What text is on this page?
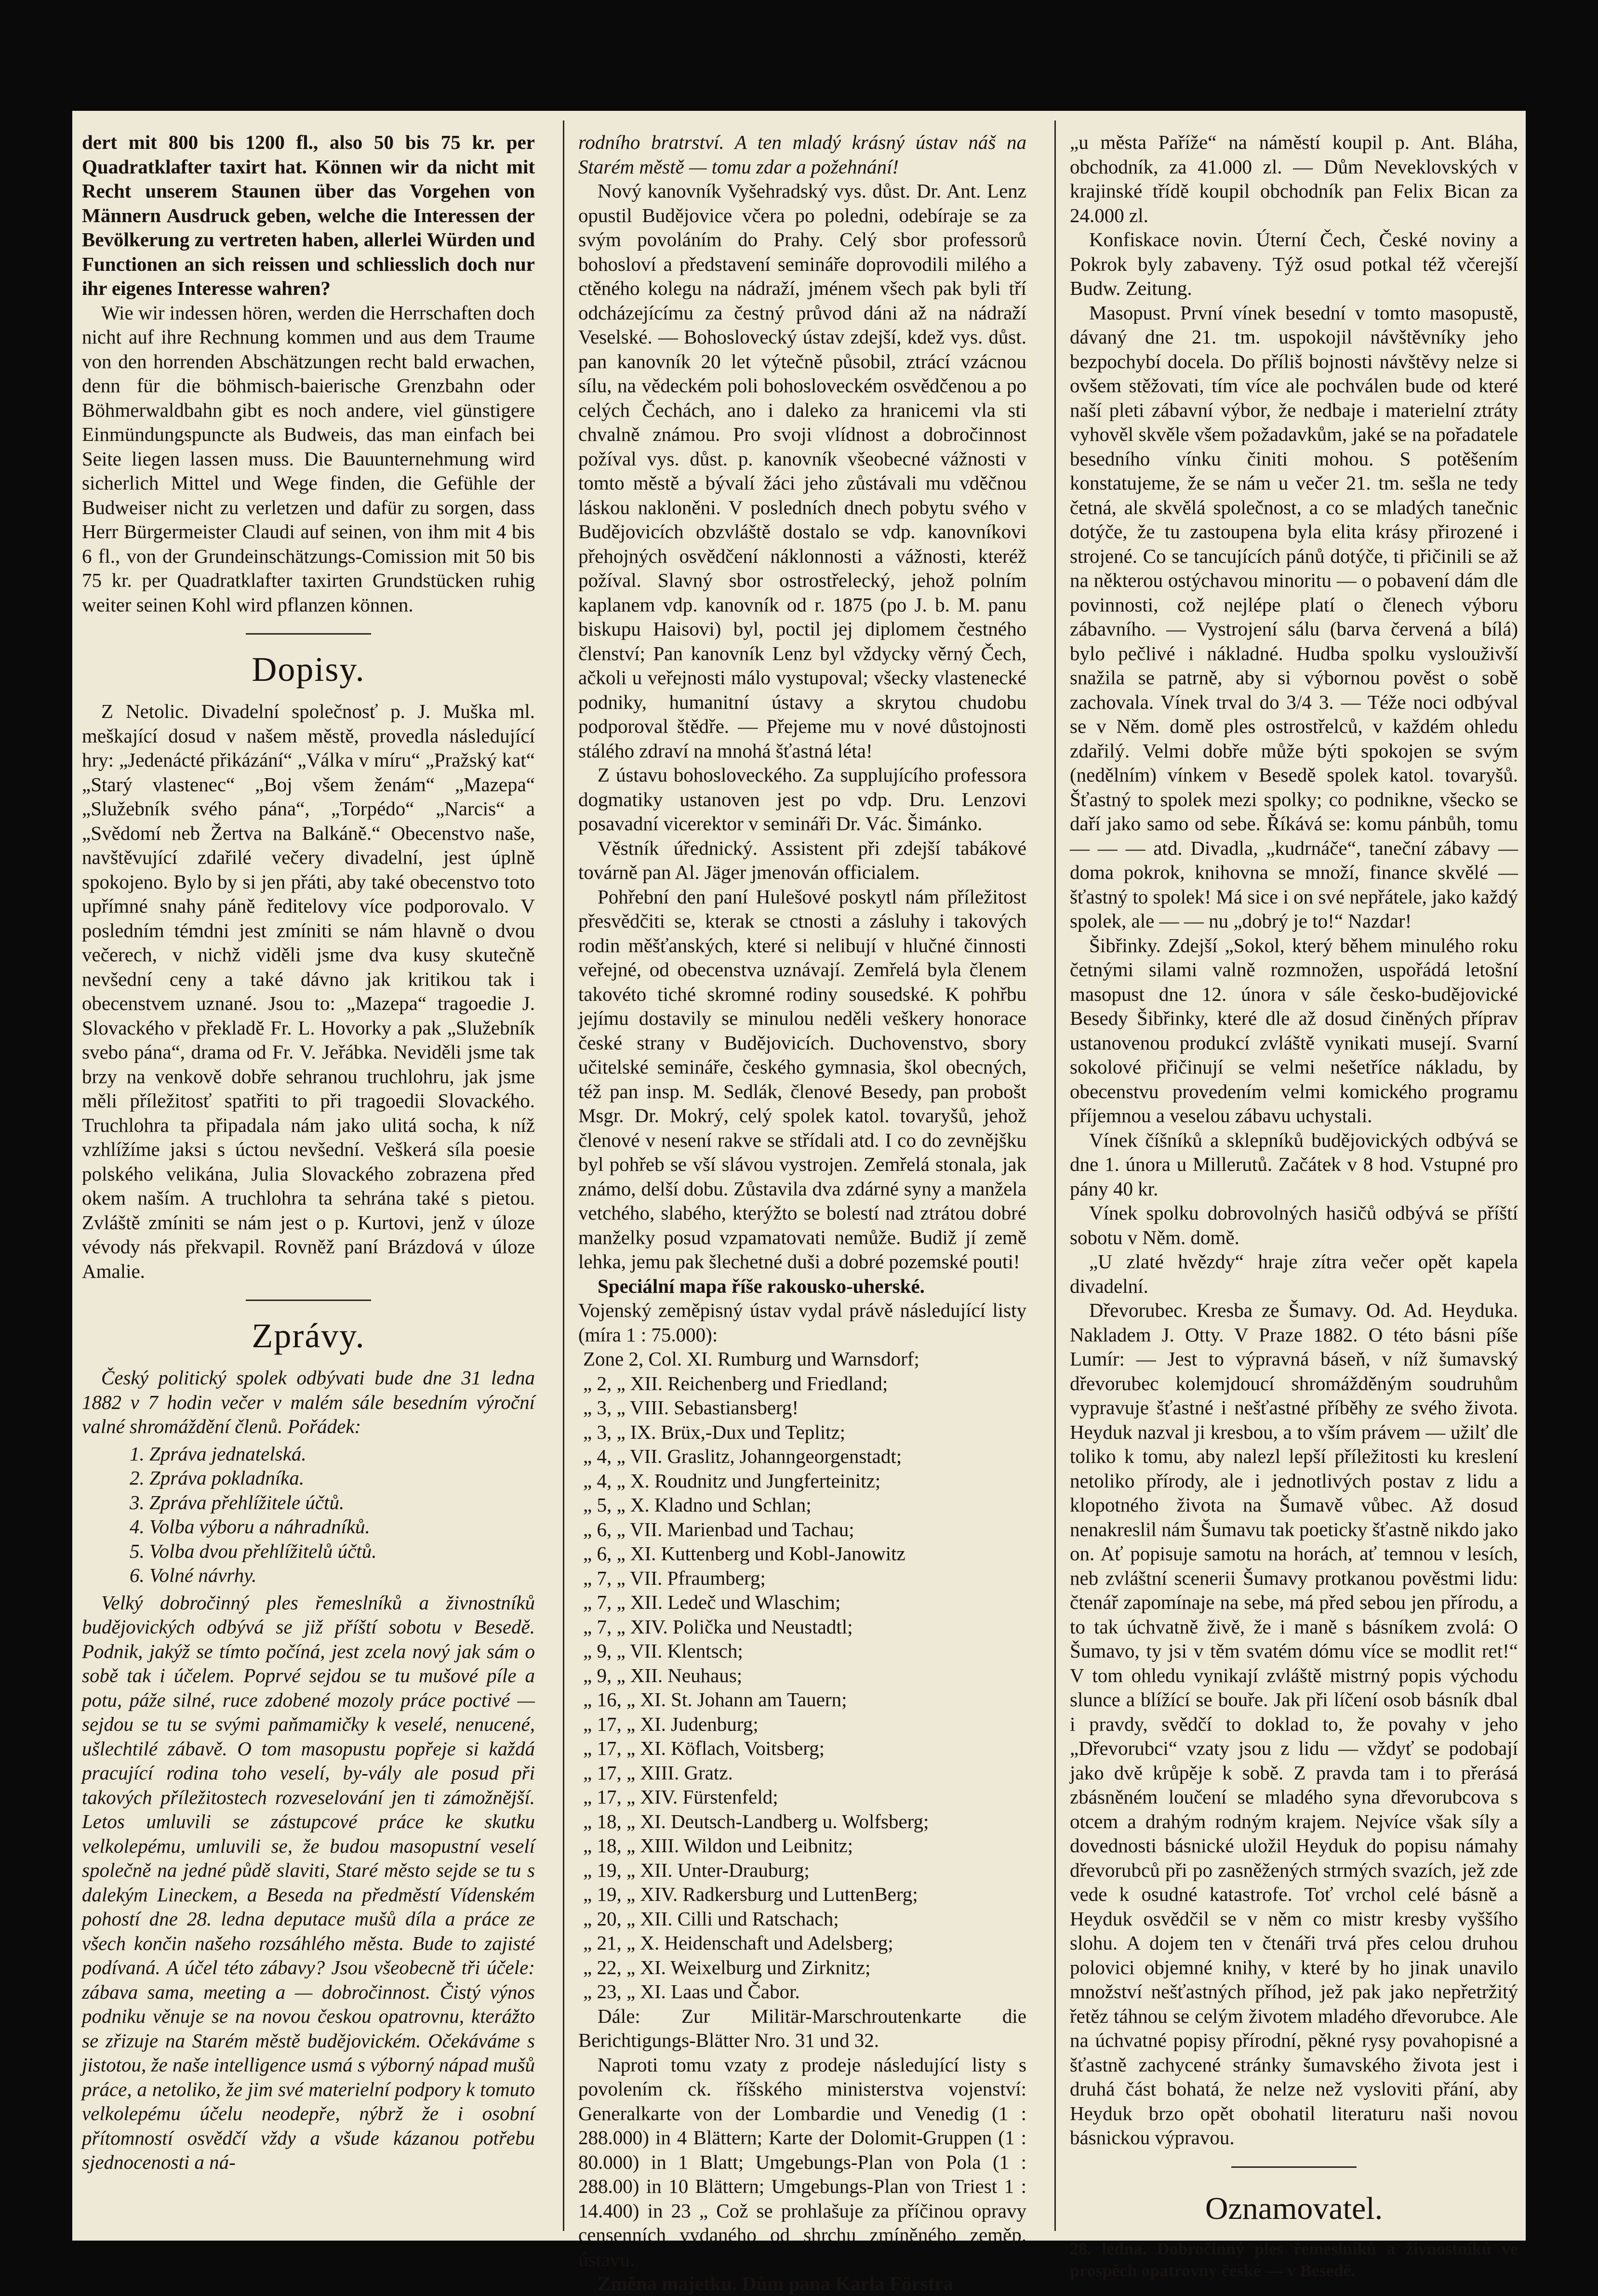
dert mit 800 bis 1200 fl., also 50 bis 75 kr. per Quadratklafter taxirt hat. Können wir da nicht mit Recht unserem Staunen über das Vorgehen von Männern Ausdruck geben, welche die Interessen der Bevölkerung zu vertreten haben, allerlei Würden und Functionen an sich reissen und schliesslich doch nur ihr eigenes Interesse wahren?

Wie wir indessen hören, werden die Herrschaften doch nicht auf ihre Rechnung kommen und aus dem Traume von den horrenden Abschätzungen recht bald erwachen, denn für die böhmisch-baierische Grenzbahn oder Böhmerwaldbahn gibt es noch andere, viel günstigere Einmündungspuncte als Budweis, das man einfach bei Seite liegen lassen muss. Die Bauunternehmung wird sicherlich Mittel und Wege finden, die Gefühle der Budweiser nicht zu verletzen und dafür zu sorgen, dass Herr Bürgermeister Claudi auf seinen, von ihm mit 4 bis 6 fl., von der Grundeinschätzungs-Comission mit 50 bis 75 kr. per Quadratklafter taxirten Grundstücken ruhig weiter seinen Kohl wird pflanzen können.

Dopisy.

Z Netolic. Divadelní společnosť p. J. Muška ml. meškající dosud v našem městě, provedla následující hry: „Jedenácté přikázání“ „Válka v míru“ „Pražský kat“ „Starý vlastenec“ „Boj všem ženám“ „Mazepa“ „Služebník svého pána“, „Torpédo“ „Narcis“ a „Svědomí neb Žertva na Balkáně.“ Obecenstvo naše, navštěvující zdařilé večery divadelní, jest úplně spokojeno. Bylo by si jen přáti, aby také obecenstvo toto upřímné snahy páně ředitelovy více podporovalo. V posledním témdni jest zmíniti se nám hlavně o dvou večerech, v nichž viděli jsme dva kusy skutečně nevšední ceny a také dávno jak kritikou tak i obecenstvem uznané. Jsou to: „Mazepa“ tragoedie J. Slovackého v překladě Fr. L. Hovorky a pak „Služebník svebo pána“, drama od Fr. V. Jeřábka. Neviděli jsme tak brzy na venkově dobře sehranou truchlohru, jak jsme měli příležitosť spatřiti to při tragoedii Slovackého. Truchlohra ta připadala nám jako ulitá socha, k níž vzhlížíme jaksi s úctou nevšední. Veškerá síla poesie polského velikána, Julia Slovackého zobrazena před okem naším. A truchlohra ta sehrána také s pietou. Zvláště zmíniti se nám jest o p. Kurtovi, jenž v úloze vévody nás překvapil. Rovněž paní Brázdová v úloze Amalie.

Zprávy.

Český politický spolek odbývati bude dne 31 ledna 1882 v 7 hodin večer v malém sále besedním výroční valné shromáždění členů. Pořádek:

1. Zpráva jednatelská.
2. Zpráva pokladníka.
3. Zpráva přehlížitele účtů.
4. Volba výboru a náhradníků.
5. Volba dvou přehlížitelů účtů.
6. Volné návrhy.

Velký dobročinný ples řemeslníků a živnostníků budějovických odbývá se již příští sobotu v Besedě. Podnik, jakýž se tímto počíná, jest zcela nový jak sám o sobě tak i účelem. Poprvé sejdou se tu mušové píle a potu, páže silné, ruce zdobené mozoly práce poctivé — sejdou se tu se svými paňmamičky k veselé, nenucené, ušlechtilé zábavě. O tom masopustu popřeje si každá pracující rodina toho veselí, by-vály ale posud při takových příležitostech rozveselování jen ti zámožnější. Letos umluvili se zástupcové práce ke skutku velkolepému, umluvili se, že budou masopustní veselí společně na jedné půdě slaviti, Staré město sejde se tu s dalekým Lineckem, a Beseda na předměstí Vídenském pohostí dne 28. ledna deputace mušů díla a práce ze všech končin našeho rozsáhlého města. Bude to zajisté podívaná. A účel této zábavy? Jsou všeobecně tři účele: zábava sama, meeting a — dobročinnost. Čistý výnos podniku věnuje se na novou českou opatrovnu, kterážto se zřizuje na Starém městě budějovickém. Očekáváme s jistotou, že naše intelligence usmá s výborný nápad mušů práce, a netoliko, že jim své materielní podpory k tomuto velkolepému účelu neodepře, nýbrž že i osobní přítomností osvědčí vždy a všude kázanou potřebu sjednocenosti a ná-

rodního bratrství. A ten mladý krásný ústav náš na Starém městě — tomu zdar a požehnání!

Nový kanovník Vyšehradský vys. důst. Dr. Ant. Lenz opustil Budějovice včera po poledni, odebíraje se za svým povoláním do Prahy. Celý sbor professorů bohosloví a představení semináře doprovodili milého a ctěného kolegu na nádraží, jménem všech pak byli tří odcházejícímu za čestný průvod dáni až na nádraží Veselské. — Bohoslovecký ústav zdejší, kdež vys. důst. pan kanovník 20 let výtečně působil, ztrácí vzácnou sílu, na vědeckém poli bohosloveckém osvědčenou a po celých Čechách, ano i daleko za hranicemi vla sti chvalně známou. Pro svoji vlídnost a dobročinnost požíval vys. důst. p. kanovník všeobecné vážnosti v tomto městě a bývalí žáci jeho zůstávali mu vděčnou láskou nakloněni. V posledních dnech pobytu svého v Budějovicích obzvláště dostalo se vdp. kanovníkovi přehojných osvědčení náklonnosti a vážnosti, kteréž požíval. Slavný sbor ostrostřelecký, jehož polním kaplanem vdp. kanovník od r. 1875 (po J. b. M. panu biskupu Haisovi) byl, poctil jej diplomem čestného členství; Pan kanovník Lenz byl vždycky věrný Čech, ačkoli u veřejnosti málo vystupoval; všecky vlastenecké podniky, humanitní ústavy a skrytou chudobu podporoval štědře. — Přejeme mu v nové důstojnosti stálého zdraví na mnohá šťastná léta!

Z ústavu bohosloveckého. Za supplujícího professora dogmatiky ustanoven jest po vdp. Dru. Lenzovi posavadní vicerektor v semináři Dr. Vác. Šimánko.

Věstník úřednický. Assistent při zdejší tabákové továrně pan Al. Jäger jmenován officialem.

Pohřební den paní Hulešové poskytl nám příležitost přesvědčiti se, kterak se ctnosti a zásluhy i takových rodin měšťanských, které si nelibují v hlučné činnosti veřejné, od obecenstva uznávají. Zemřelá byla členem takovéto tiché skromné rodiny sousedské. K pohřbu jejímu dostavily se minulou neděli veškery honorace české strany v Budějovicích. Duchovenstvo, sbory učitelské semináře, českého gymnasia, škol obecných, též pan insp. M. Sedlák, členové Besedy, pan probošt Msgr. Dr. Mokrý, celý spolek katol. tovaryšů, jehož členové v nesení rakve se střídali atd. I co do zevnějšku byl pohřeb se vší slávou vystrojen. Zemřelá stonala, jak známo, delší dobu. Zůstavila dva zdárné syny a manžela vetchého, slabého, kterýžto se bolestí nad ztrátou dobré manželky posud vzpamatovati nemůže. Budiž jí země lehka, jemu pak šlechetné duši a dobré pozemské pouti!

Speciální mapa říše rakousko-uherské.

Vojenský zeměpisný ústav vydal právě následující listy (míra 1 : 75.000):

Zone 2, Col. XI. Rumburg und Warnsdorf;

„ 2, „ XII. Reichenberg und Friedland;

„ 3, „ VIII. Sebastiansberg!

„ 3, „ IX. Brüx,-Dux und Teplitz;

„ 4, „ VII. Graslitz, Johanngeorgenstadt;

„ 4, „ X. Roudnitz und Jungferteinitz;

„ 5, „ X. Kladno und Schlan;

„ 6, „ VII. Marienbad und Tachau;

„ 6, „ XI. Kuttenberg und Kobl-Janowitz

„ 7, „ VII. Pfraumberg;

„ 7, „ XII. Ledeč und Wlaschim;

„ 7, „ XIV. Polička und Neustadtl;

„ 9, „ VII. Klentsch;

„ 9, „ XII. Neuhaus;

„ 16, „ XI. St. Johann am Tauern;

„ 17, „ XI. Judenburg;

„ 17, „ XI. Köflach, Voitsberg;

„ 17, „ XIII. Gratz.

„ 17, „ XIV. Fürstenfeld;

„ 18, „ XI. Deutsch-Landberg u. Wolfsberg;

„ 18, „ XIII. Wildon und Leibnitz;

„ 19, „ XII. Unter-Drauburg;

„ 19, „ XIV. Radkersburg und LuttenBerg;

„ 20, „ XII. Cilli und Ratschach;

„ 21, „ X. Heidenschaft und Adelsberg;

„ 22, „ XI. Weixelburg und Zirknitz;

„ 23, „ XI. Laas und Čabor.

Dále: Zur Militär-Marschroutenkarte die Berichtigungs-Blätter Nro. 31 und 32.

Naproti tomu vzaty z prodeje následující listy s povolením ck. říšského ministerstva vojenství: Generalkarte von der Lombardie und Venedig (1 : 288.000) in 4 Blättern; Karte der Dolomit-Gruppen (1 : 80.000) in 1 Blatt; Umgebungs-Plan von Pola (1 : 288.00) in 10 Blättern; Umgebungs-Plan von Triest 1 : 14.400) in 23 „ Což se prohlašuje za příčinou opravy censenních vydaného od shrchu zmíněného zeměp. ústavu.

Změna majetku. Dům pana Karla Förstra

„u města Paříže“ na náměstí koupil p. Ant. Bláha, obchodník, za 41.000 zl. — Dům Neveklovských v krajinské třídě koupil obchodník pan Felix Bican za 24.000 zl.

Konfiskace novin. Úterní Čech, České noviny a Pokrok byly zabaveny. Týž osud potkal též včerejší Budw. Zeitung.

Masopust. První vínek besední v tomto masopustě, dávaný dne 21. tm. uspokojil návštěvníky jeho bezpochybí docela. Do příliš bojnosti návštěvy nelze si ovšem stěžovati, tím více ale pochválen bude od které naší pleti zábavní výbor, že nedbaje i materielní ztráty vyhověl skvěle všem požadavkům, jaké se na pořadatele besedního vínku činiti mohou. S potěšením konstatujeme, že se nám u večer 21. tm. sešla ne tedy četná, ale skvělá společnost, a co se mladých tanečnic dotýče, že tu zastoupena byla elita krásy přirozené i strojené. Co se tancujících pánů dotýče, ti přičinili se až na některou ostýchavou minoritu — o pobavení dám dle povinnosti, což nejlépe platí o členech výboru zábavního. — Vystrojení sálu (barva červená a bílá) bylo pečlivé i nákladné. Hudba spolku vyslouživší snažila se patrně, aby si výbornou pověst o sobě zachovala. Vínek trval do 3/4 3. — Téže noci odbýval se v Něm. domě ples ostrostřelců, v každém ohledu zdařilý. Velmi dobře může býti spokojen se svým (nedělním) vínkem v Besedě spolek katol. tovaryšů. Šťastný to spolek mezi spolky; co podnikne, všecko se daří jako samo od sebe. Říkává se: komu pánbůh, tomu — — — atd. Divadla, „kudrnáče“, taneční zábavy — doma pokrok, knihovna se množí, finance skvělé — šťastný to spolek! Má sice i on své nepřátele, jako každý spolek, ale — — nu „dobrý je to!“ Nazdar!

Šibřinky. Zdejší „Sokol, který během minulého roku četnými silami valně rozmnožen, uspořádá letošní masopust dne 12. února v sále česko-budějovické Besedy Šibřinky, které dle až dosud činěných příprav ustanovenou produkcí zvláště vynikati musejí. Svarní sokolové přičinují se velmi nešetříce nákladu, by obecenstvu provedením velmi komického programu příjemnou a veselou zábavu uchystali.

Vínek číšníků a sklepníků budějovických odbývá se dne 1. února u Millerutů. Začátek v 8 hod. Vstupné pro pány 40 kr.

Vínek spolku dobrovolných hasičů odbývá se příští sobotu v Něm. domě.

„U zlaté hvězdy“ hraje zítra večer opět kapela divadelní.

Dřevorubec. Kresba ze Šumavy. Od. Ad. Heyduka. Nakladem J. Otty. V Praze 1882. O této básni píše Lumír: — Jest to výpravná báseň, v níž šumavský dřevorubec kolemjdoucí shromážděným soudruhům vypravuje šťastné i nešťastné příběhy ze svého života. Heyduk nazval ji kresbou, a to vším právem — užilť dle toliko k tomu, aby nalezl lepší příležitosti ku kreslení netoliko přírody, ale i jednotlivých postav z lidu a klopotného života na Šumavě vůbec. Až dosud nenakreslil nám Šumavu tak poeticky šťastně nikdo jako on. Ať popisuje samotu na horách, ať temnou v lesích, neb zvláštní scenerii Šumavy protkanou pověstmi lidu: čtenář zapomínaje na sebe, má před sebou jen přírodu, a to tak úchvatně živě, že i maně s básníkem zvolá: O Šumavo, ty jsi v těm svatém dómu více se modlit ret!“ V tom ohledu vynikají zvláště mistrný popis východu slunce a blížící se bouře. Jak při líčení osob básník dbal i pravdy, svědčí to doklad to, že povahy v jeho „Dřevorubci“ vzaty jsou z lidu — vždyť se podobají jako dvě krůpěje k sobě. Z pravda tam i to přerásá zbásněném loučení se mladého syna dřevorubcova s otcem a drahým rodným krajem. Nejvíce však síly a dovednosti básnické uložil Heyduk do popisu námahy dřevorubců při po zasněžených strmých svazích, jež zde vede k osudné katastrofe. Toť vrchol celé básně a Heyduk osvědčil se v něm co mistr kresby vyššího slohu. A dojem ten v čtenáři trvá přes celou druhou polovici objemné knihy, v které by ho jinak unavilo množství nešťastných příhod, jež pak jako nepřetržitý řetěz táhnou se celým životem mladého dřevorubce. Ale na úchvatné popisy přírodní, pěkné rysy povahopisné a šťastně zachycené stránky šumavského života jest i druhá část bohatá, že nelze než vysloviti přání, aby Heyduk brzo opět obohatil literaturu naši novou básnickou výpravou.

Oznamovatel.

28. ledna. Dobročinný ples řemeslníků a živnostníků ve prospěch opatrovny české — v Besedě.
